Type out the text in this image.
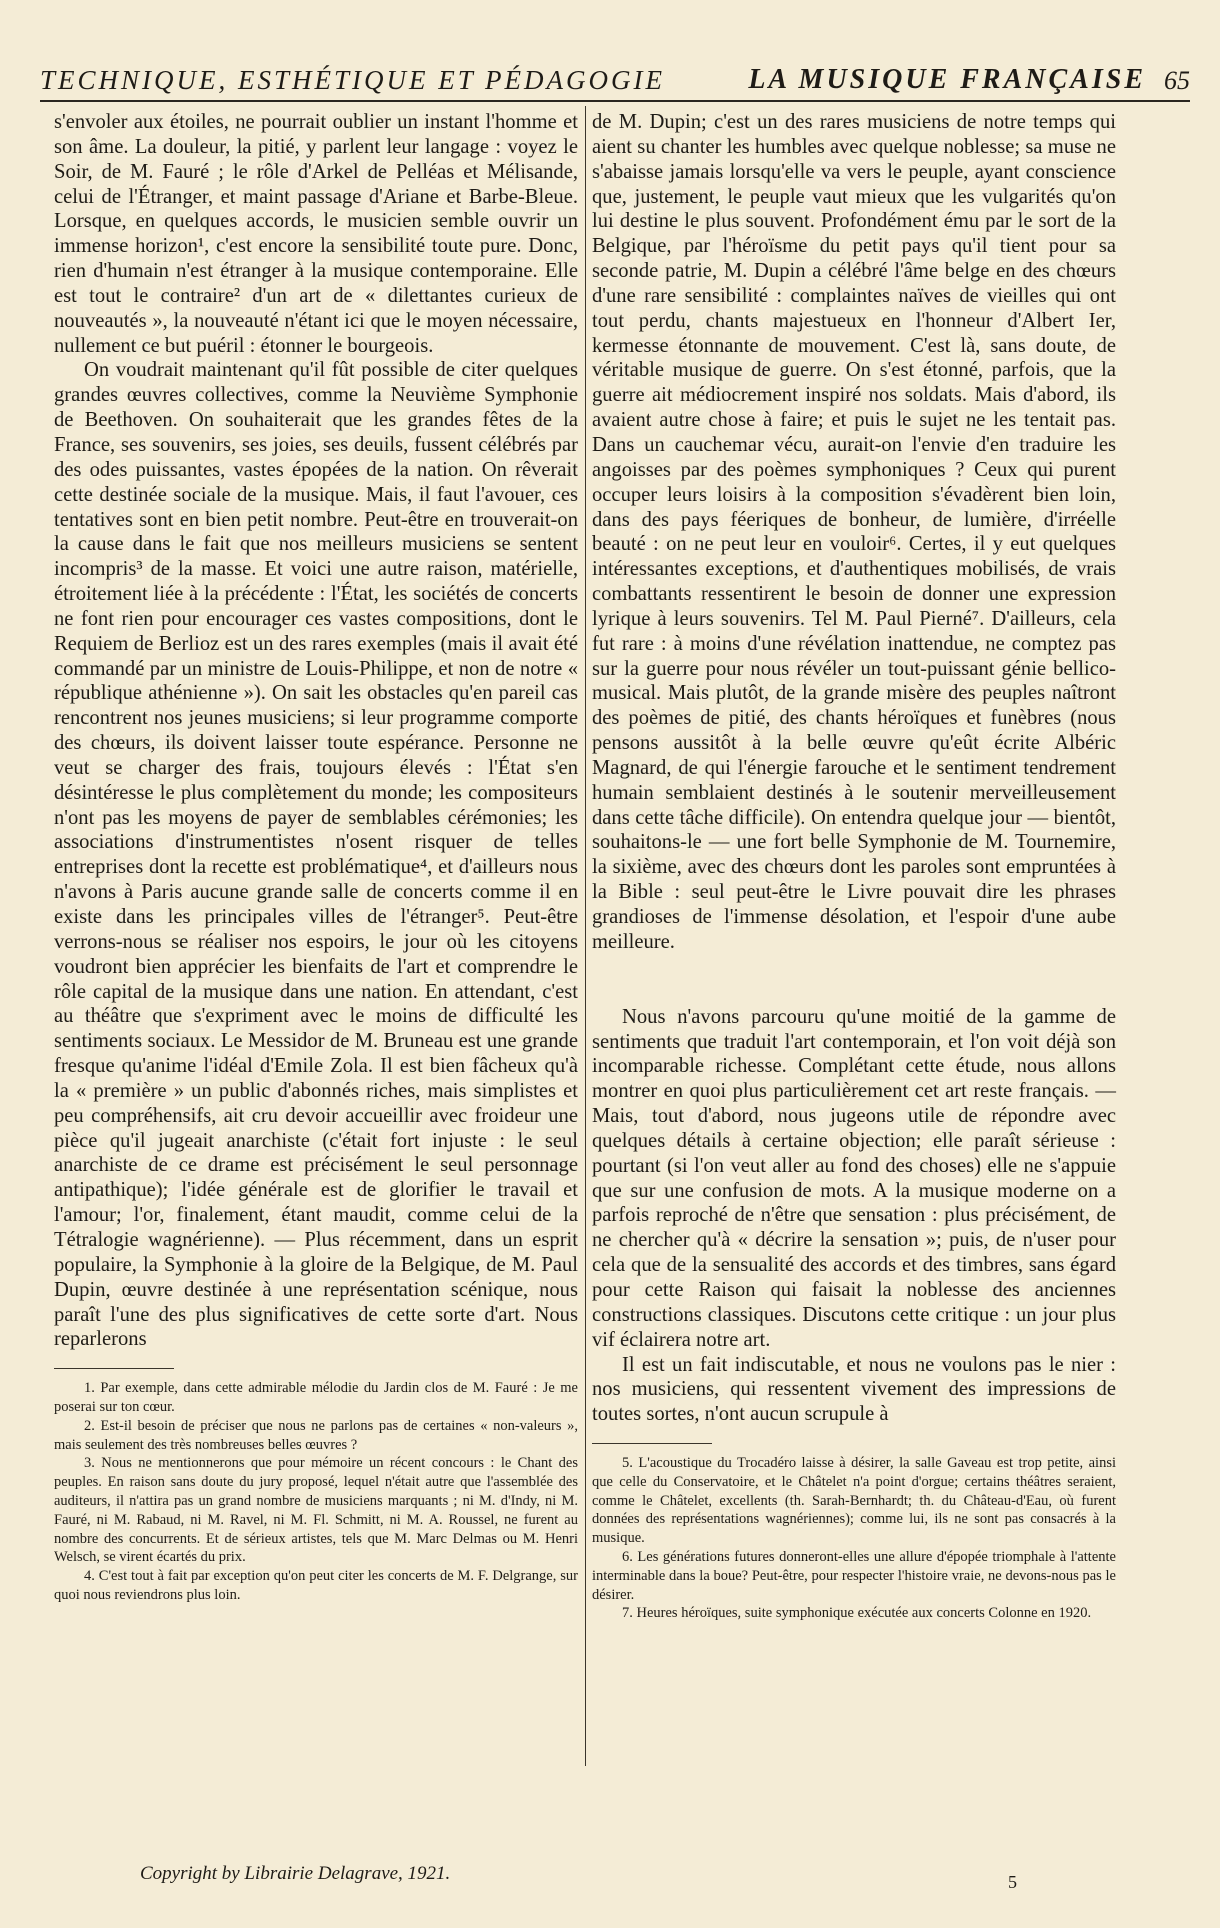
TECHNIQUE, ESTHÉTIQUE ET PÉDAGOGIE	LA MUSIQUE FRANÇAISE 65

s'envoler aux étoiles, ne pourrait oublier un instant l'homme et son âme. La douleur, la pitié, y parlent leur langage : voyez le Soir, de M. Fauré ; le rôle d'Arkel de Pelléas et Mélisande, celui de l'Étranger, et maint passage d'Ariane et Barbe-Bleue. Lorsque, en quelques accords, le musicien semble ouvrir un immense horizon¹, c'est encore la sensibilité toute pure. Donc, rien d'humain n'est étranger à la musique contemporaine. Elle est tout le contraire² d'un art de « dilettantes curieux de nouveautés », la nouveauté n'étant ici que le moyen nécessaire, nullement ce but puéril : étonner le bourgeois.

On voudrait maintenant qu'il fût possible de citer quelques grandes œuvres collectives, comme la Neuvième Symphonie de Beethoven. On souhaiterait que les grandes fêtes de la France, ses souvenirs, ses joies, ses deuils, fussent célébrés par des odes puissantes, vastes épopées de la nation. On rêverait cette destinée sociale de la musique. Mais, il faut l'avouer, ces tentatives sont en bien petit nombre. Peut-être en trouverait-on la cause dans le fait que nos meilleurs musiciens se sentent incompris³ de la masse. Et voici une autre raison, matérielle, étroitement liée à la précédente : l'État, les sociétés de concerts ne font rien pour encourager ces vastes compositions, dont le Requiem de Berlioz est un des rares exemples (mais il avait été commandé par un ministre de Louis-Philippe, et non de notre « république athénienne »). On sait les obstacles qu'en pareil cas rencontrent nos jeunes musiciens; si leur programme comporte des chœurs, ils doivent laisser toute espérance. Personne ne veut se charger des frais, toujours élevés : l'État s'en désintéresse le plus complètement du monde; les compositeurs n'ont pas les moyens de payer de semblables cérémonies; les associations d'instrumentistes n'osent risquer de telles entreprises dont la recette est problématique⁴, et d'ailleurs nous n'avons à Paris aucune grande salle de concerts comme il en existe dans les principales villes de l'étranger⁵. Peut-être verrons-nous se réaliser nos espoirs, le jour où les citoyens voudront bien apprécier les bienfaits de l'art et comprendre le rôle capital de la musique dans une nation. En attendant, c'est au théâtre que s'expriment avec le moins de difficulté les sentiments sociaux. Le Messidor de M. Bruneau est une grande fresque qu'anime l'idéal d'Emile Zola. Il est bien fâcheux qu'à la « première » un public d'abonnés riches, mais simplistes et peu compréhensifs, ait cru devoir accueillir avec froideur une pièce qu'il jugeait anarchiste (c'était fort injuste : le seul anarchiste de ce drame est précisément le seul personnage antipathique); l'idée générale est de glorifier le travail et l'amour; l'or, finalement, étant maudit, comme celui de la Tétralogie wagnérienne). — Plus récemment, dans un esprit populaire, la Symphonie à la gloire de la Belgique, de M. Paul Dupin, œuvre destinée à une représentation scénique, nous paraît l'une des plus significatives de cette sorte d'art. Nous reparlerons

1. Par exemple, dans cette admirable mélodie du Jardin clos de M. Fauré : Je me poserai sur ton cœur.

2. Est-il besoin de préciser que nous ne parlons pas de certaines « non-valeurs », mais seulement des très nombreuses belles œuvres ?

3. Nous ne mentionnerons que pour mémoire un récent concours : le Chant des peuples. En raison sans doute du jury proposé, lequel n'était autre que l'assemblée des auditeurs, il n'attira pas un grand nombre de musiciens marquants ; ni M. d'Indy, ni M. Fauré, ni M. Rabaud, ni M. Ravel, ni M. Fl. Schmitt, ni M. A. Roussel, ne furent au nombre des concurrents. Et de sérieux artistes, tels que M. Marc Delmas ou M. Henri Welsch, se virent écartés du prix.

4. C'est tout à fait par exception qu'on peut citer les concerts de M. F. Delgrange, sur quoi nous reviendrons plus loin.

de M. Dupin; c'est un des rares musiciens de notre temps qui aient su chanter les humbles avec quelque noblesse; sa muse ne s'abaisse jamais lorsqu'elle va vers le peuple, ayant conscience que, justement, le peuple vaut mieux que les vulgarités qu'on lui destine le plus souvent. Profondément ému par le sort de la Belgique, par l'héroïsme du petit pays qu'il tient pour sa seconde patrie, M. Dupin a célébré l'âme belge en des chœurs d'une rare sensibilité : complaintes naïves de vieilles qui ont tout perdu, chants majestueux en l'honneur d'Albert Ier, kermesse étonnante de mouvement. C'est là, sans doute, de véritable musique de guerre. On s'est étonné, parfois, que la guerre ait médiocrement inspiré nos soldats. Mais d'abord, ils avaient autre chose à faire; et puis le sujet ne les tentait pas. Dans un cauchemar vécu, aurait-on l'envie d'en traduire les angoisses par des poèmes symphoniques ? Ceux qui purent occuper leurs loisirs à la composition s'évadèrent bien loin, dans des pays féeriques de bonheur, de lumière, d'irréelle beauté : on ne peut leur en vouloir⁶. Certes, il y eut quelques intéressantes exceptions, et d'authentiques mobilisés, de vrais combattants ressentirent le besoin de donner une expression lyrique à leurs souvenirs. Tel M. Paul Pierné⁷. D'ailleurs, cela fut rare : à moins d'une révélation inattendue, ne comptez pas sur la guerre pour nous révéler un tout-puissant génie bellico-musical. Mais plutôt, de la grande misère des peuples naîtront des poèmes de pitié, des chants héroïques et funèbres (nous pensons aussitôt à la belle œuvre qu'eût écrite Albéric Magnard, de qui l'énergie farouche et le sentiment tendrement humain semblaient destinés à le soutenir merveilleusement dans cette tâche difficile). On entendra quelque jour — bientôt, souhaitons-le — une fort belle Symphonie de M. Tournemire, la sixième, avec des chœurs dont les paroles sont empruntées à la Bible : seul peut-être le Livre pouvait dire les phrases grandioses de l'immense désolation, et l'espoir d'une aube meilleure.

Nous n'avons parcouru qu'une moitié de la gamme de sentiments que traduit l'art contemporain, et l'on voit déjà son incomparable richesse. Complétant cette étude, nous allons montrer en quoi plus particulièrement cet art reste français. — Mais, tout d'abord, nous jugeons utile de répondre avec quelques détails à certaine objection; elle paraît sérieuse : pourtant (si l'on veut aller au fond des choses) elle ne s'appuie que sur une confusion de mots. A la musique moderne on a parfois reproché de n'être que sensation : plus précisément, de ne chercher qu'à « décrire la sensation »; puis, de n'user pour cela que de la sensualité des accords et des timbres, sans égard pour cette Raison qui faisait la noblesse des anciennes constructions classiques. Discutons cette critique : un jour plus vif éclairera notre art.

Il est un fait indiscutable, et nous ne voulons pas le nier : nos musiciens, qui ressentent vivement des impressions de toutes sortes, n'ont aucun scrupule à

5. L'acoustique du Trocadéro laisse à désirer, la salle Gaveau est trop petite, ainsi que celle du Conservatoire, et le Châtelet n'a point d'orgue; certains théâtres seraient, comme le Châtelet, excellents (th. Sarah-Bernhardt; th. du Château-d'Eau, où furent données des représentations wagnériennes); comme lui, ils ne sont pas consacrés à la musique.

6. Les générations futures donneront-elles une allure d'épopée triomphale à l'attente interminable dans la boue? Peut-être, pour respecter l'histoire vraie, ne devons-nous pas le désirer.

7. Heures héroïques, suite symphonique exécutée aux concerts Colonne en 1920.

Copyright by Librairie Delagrave, 1921.	5
